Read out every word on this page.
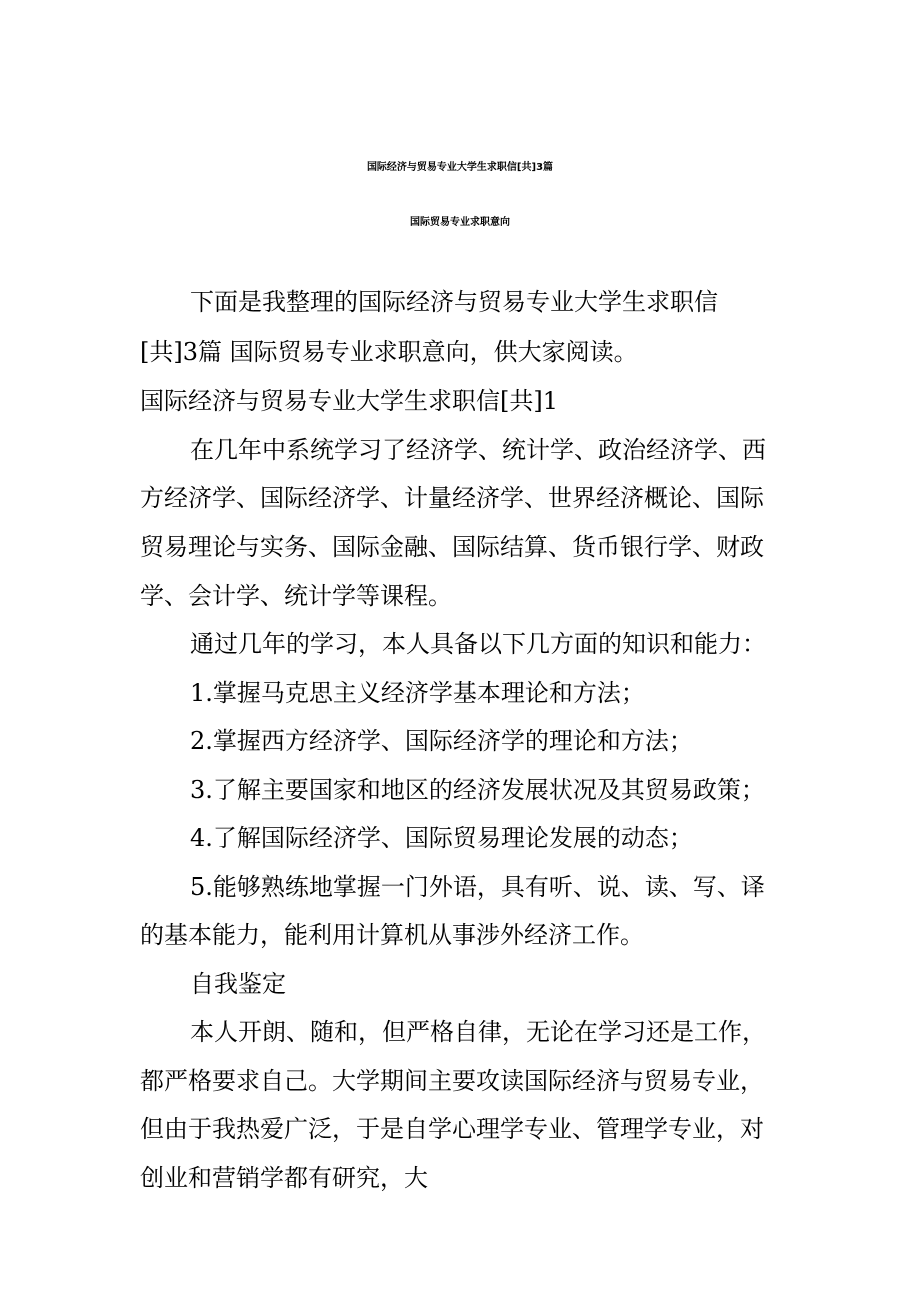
国际经济与贸易专业大学生求职信[共]3篇
国际贸易专业求职意向
下面是我整理的国际经济与贸易专业大学生求职信
[共]3篇 国际贸易专业求职意向，供大家阅读。
国际经济与贸易专业大学生求职信[共]1
在几年中系统学习了经济学、统计学、政治经济学、西
方经济学、国际经济学、计量经济学、世界经济概论、国际
贸易理论与实务、国际金融、国际结算、货币银行学、财政
学、会计学、统计学等课程。
通过几年的学习，本人具备以下几方面的知识和能力：
1.掌握马克思主义经济学基本理论和方法；
2.掌握西方经济学、国际经济学的理论和方法；
3.了解主要国家和地区的经济发展状况及其贸易政策；
4.了解国际经济学、国际贸易理论发展的动态；
5.能够熟练地掌握一门外语，具有听、说、读、写、译
的基本能力，能利用计算机从事涉外经济工作。
自我鉴定
本人开朗、随和，但严格自律，无论在学习还是工作，
都严格要求自己。大学期间主要攻读国际经济与贸易专业，
但由于我热爱广泛，于是自学心理学专业、管理学专业，对
创业和营销学都有研究，大
